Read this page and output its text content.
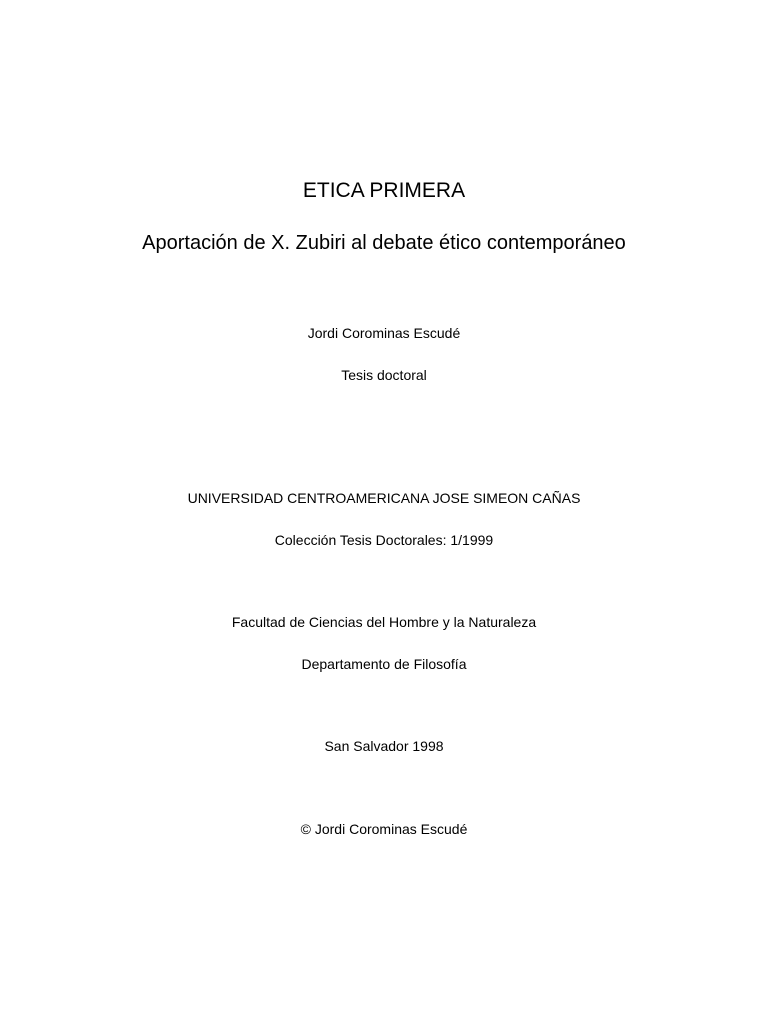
ETICA PRIMERA
Aportación de X. Zubiri al debate ético contemporáneo
Jordi Corominas Escudé
Tesis doctoral
UNIVERSIDAD CENTROAMERICANA JOSE SIMEON CAÑAS
Colección Tesis Doctorales: 1/1999
Facultad de Ciencias del Hombre y la Naturaleza
Departamento de Filosofía
San Salvador 1998
© Jordi Corominas Escudé
